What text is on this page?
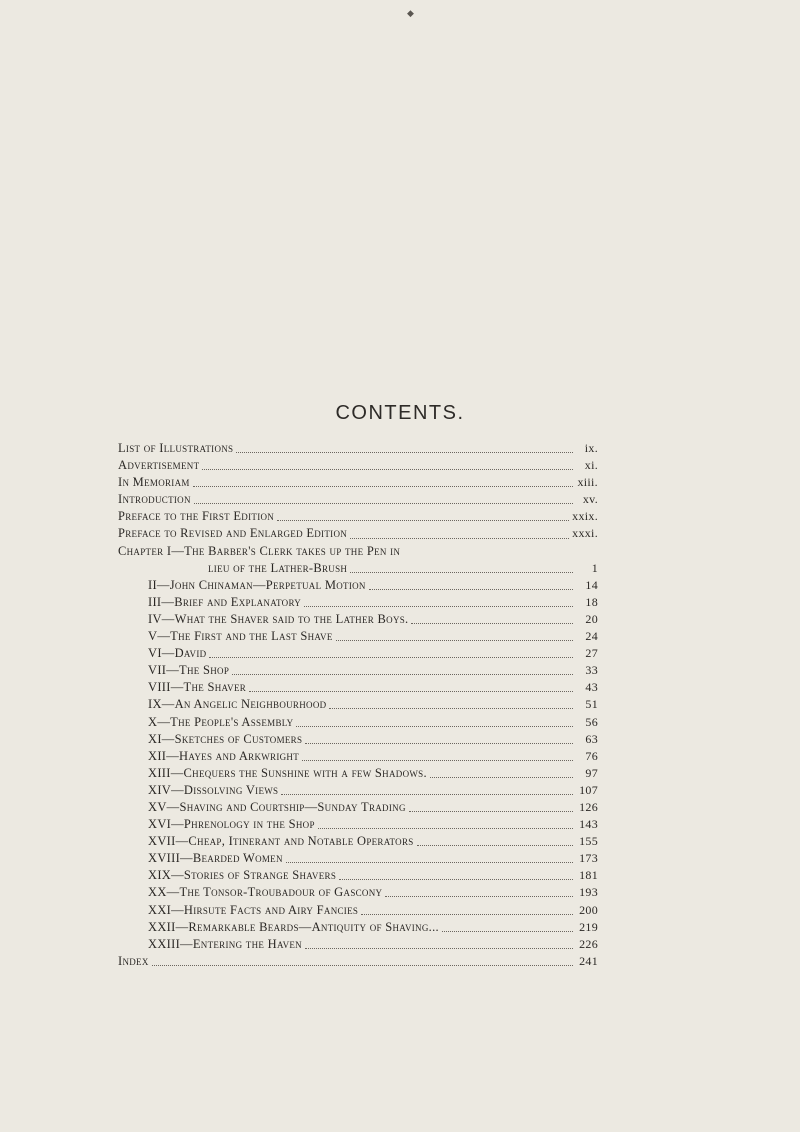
◆
CONTENTS.
List of Illustrations	ix.
Advertisement	xi.
In Memoriam	xiii.
Introduction	xv.
Preface to the First Edition	xxix.
Preface to Revised and Enlarged Edition	xxxi.
Chapter I—The Barber's Clerk takes up the Pen in
lieu of the Lather-Brush	1
II—John Chinaman—Perpetual Motion	14
III—Brief and Explanatory	18
IV—What the Shaver said to the Lather Boys.	20
V—The First and the Last Shave	24
VI—David	27
VII—The Shop	33
VIII—The Shaver	43
IX—An Angelic Neighbourhood	51
X—The People's Assembly	56
XI—Sketches of Customers	63
XII—Hayes and Arkwright	76
XIII—Chequers the Sunshine with a few Shadows.	97
XIV—Dissolving Views	107
XV—Shaving and Courtship—Sunday Trading	126
XVI—Phrenology in the Shop	143
XVII—Cheap, Itinerant and Notable Operators	155
XVIII—Bearded Women	173
XIX—Stories of Strange Shavers	181
XX—The Tonsor-Troubadour of Gascony	193
XXI—Hirsute Facts and Airy Fancies	200
XXII—Remarkable Beards—Antiquity of Shaving...	219
XXIII—Entering the Haven	226
Index	241
